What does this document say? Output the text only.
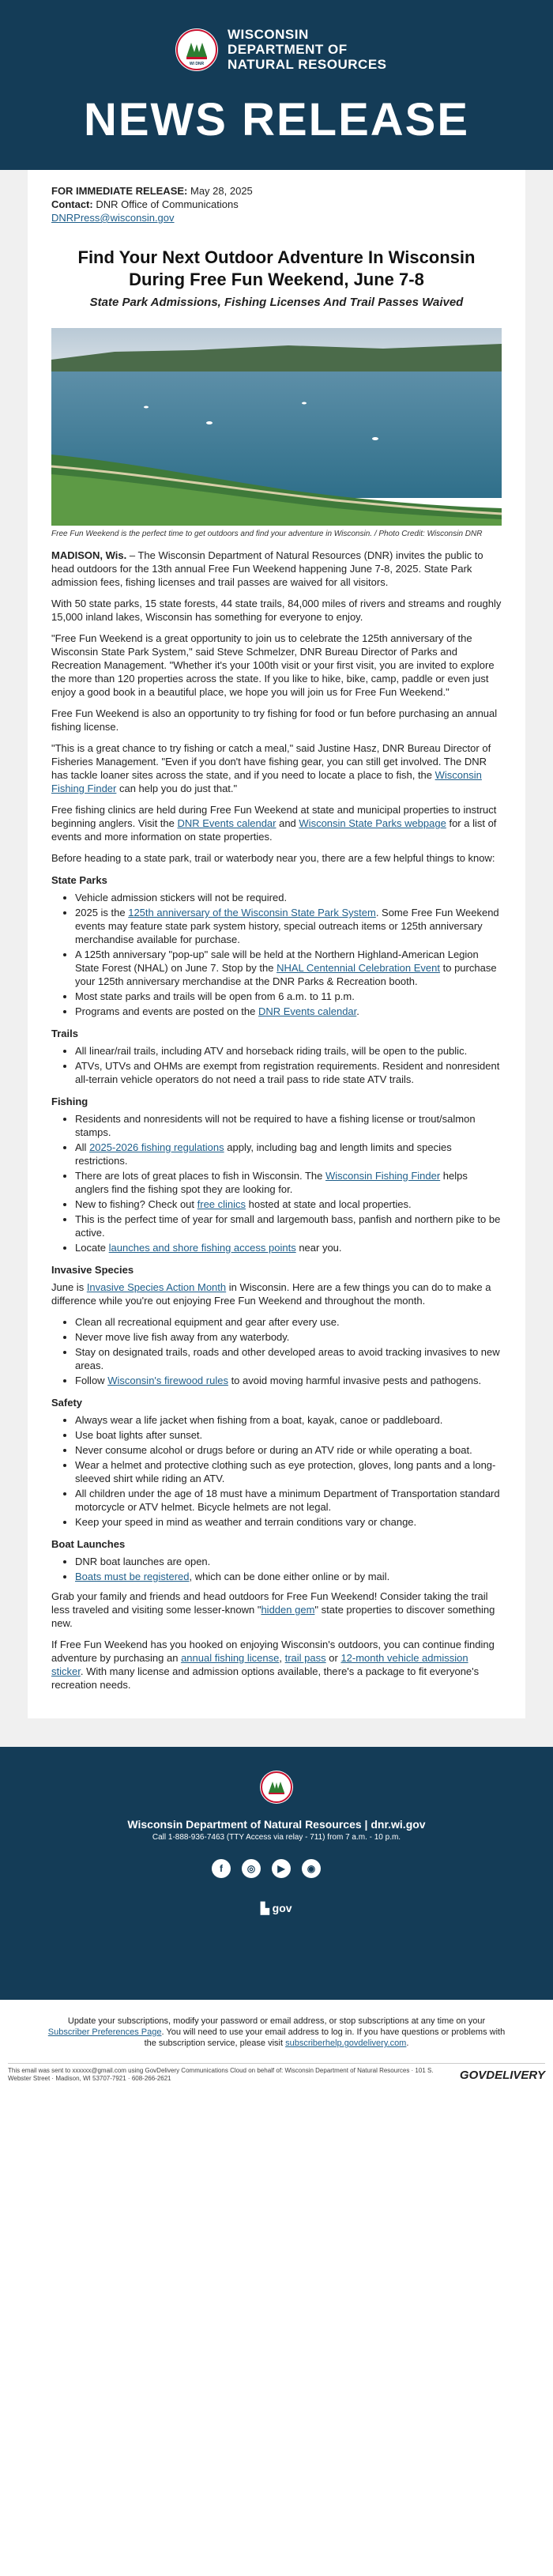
WI DNR
WISCONSIN
DEPARTMENT OF
NATURAL RESOURCES
NEWS RELEASE
FOR IMMEDIATE RELEASE: May 28, 2025
Contact: DNR Office of Communications
DNRPress@wisconsin.gov
Find Your Next Outdoor Adventure In Wisconsin During Free Fun Weekend, June 7-8
State Park Admissions, Fishing Licenses And Trail Passes Waived
Free Fun Weekend is the perfect time to get outdoors and find your adventure in Wisconsin. / Photo Credit: Wisconsin DNR

MADISON, Wis. – The Wisconsin Department of Natural Resources (DNR) invites the public to head outdoors for the 13th annual Free Fun Weekend happening June 7-8, 2025. State Park admission fees, fishing licenses and trail passes are waived for all visitors.

With 50 state parks, 15 state forests, 44 state trails, 84,000 miles of rivers and streams and roughly 15,000 inland lakes, Wisconsin has something for everyone to enjoy.

"Free Fun Weekend is a great opportunity to join us to celebrate the 125th anniversary of the Wisconsin State Park System," said Steve Schmelzer, DNR Bureau Director of Parks and Recreation Management. "Whether it's your 100th visit or your first visit, you are invited to explore the more than 120 properties across the state. If you like to hike, bike, camp, paddle or even just enjoy a good book in a beautiful place, we hope you will join us for Free Fun Weekend."

Free Fun Weekend is also an opportunity to try fishing for food or fun before purchasing an annual fishing license.

"This is a great chance to try fishing or catch a meal," said Justine Hasz, DNR Bureau Director of Fisheries Management. "Even if you don't have fishing gear, you can still get involved. The DNR has tackle loaner sites across the state, and if you need to locate a place to fish, the Wisconsin Fishing Finder can help you do just that."

Free fishing clinics are held during Free Fun Weekend at state and municipal properties to instruct beginning anglers. Visit the DNR Events calendar and Wisconsin State Parks webpage for a list of events and more information on state properties.

Before heading to a state park, trail or waterbody near you, there are a few helpful things to know:

State Parks
• Vehicle admission stickers will not be required.
• 2025 is the 125th anniversary of the Wisconsin State Park System. Some Free Fun Weekend events may feature state park system history, special outreach items or 125th anniversary merchandise available for purchase.
• A 125th anniversary "pop-up" sale will be held at the Northern Highland-American Legion State Forest (NHAL) on June 7. Stop by the NHAL Centennial Celebration Event to purchase your 125th anniversary merchandise at the DNR Parks & Recreation booth.
• Most state parks and trails will be open from 6 a.m. to 11 p.m.
• Programs and events are posted on the DNR Events calendar.
Trails
• All linear/rail trails, including ATV and horseback riding trails, will be open to the public.
• ATVs, UTVs and OHMs are exempt from registration requirements. Resident and nonresident all-terrain vehicle operators do not need a trail pass to ride state ATV trails.
Fishing
• Residents and nonresidents will not be required to have a fishing license or trout/salmon stamps.
• All 2025-2026 fishing regulations apply, including bag and length limits and species restrictions.
• There are lots of great places to fish in Wisconsin. The Wisconsin Fishing Finder helps anglers find the fishing spot they are looking for.
• New to fishing? Check out free clinics hosted at state and local properties.
• This is the perfect time of year for small and largemouth bass, panfish and northern pike to be active.
• Locate launches and shore fishing access points near you.
Invasive Species

June is Invasive Species Action Month in Wisconsin. Here are a few things you can do to make a difference while you're out enjoying Free Fun Weekend and throughout the month.

• Clean all recreational equipment and gear after every use.
• Never move live fish away from any waterbody.
• Stay on designated trails, roads and other developed areas to avoid tracking invasives to new areas.
• Follow Wisconsin's firewood rules to avoid moving harmful invasive pests and pathogens.
Safety
• Always wear a life jacket when fishing from a boat, kayak, canoe or paddleboard.
• Use boat lights after sunset.
• Never consume alcohol or drugs before or during an ATV ride or while operating a boat.
• Wear a helmet and protective clothing such as eye protection, gloves, long pants and a long-sleeved shirt while riding an ATV.
• All children under the age of 18 must have a minimum Department of Transportation standard motorcycle or ATV helmet. Bicycle helmets are not legal.
• Keep your speed in mind as weather and terrain conditions vary or change.
Boat Launches
• DNR boat launches are open.
• Boats must be registered, which can be done either online or by mail.

Grab your family and friends and head outdoors for Free Fun Weekend! Consider taking the trail less traveled and visiting some lesser-known "hidden gem" state properties to discover something new.

If Free Fun Weekend has you hooked on enjoying Wisconsin's outdoors, you can continue finding adventure by purchasing an annual fishing license, trail pass or 12-month vehicle admission sticker. With many license and admission options available, there's a package to fit everyone's recreation needs.

Wisconsin Department of Natural Resources | dnr.wi.gov
Call 1-888-936-7463 (TTY Access via relay - 711) from 7 a.m. - 10 p.m.
f	◎	▶	◉
▙ gov
Update your subscriptions, modify your password or email address, or stop subscriptions at any time on your Subscriber Preferences Page. You will need to use your email address to log in. If you have questions or problems with the subscription service, please visit subscriberhelp.govdelivery.com.
This email was sent to xxxxxx@gmail.com using GovDelivery Communications Cloud on behalf of: Wisconsin Department of Natural Resources · 101 S. Webster Street · Madison, WI 53707-7921 · 608-266-2621	GOVDELIVERY
